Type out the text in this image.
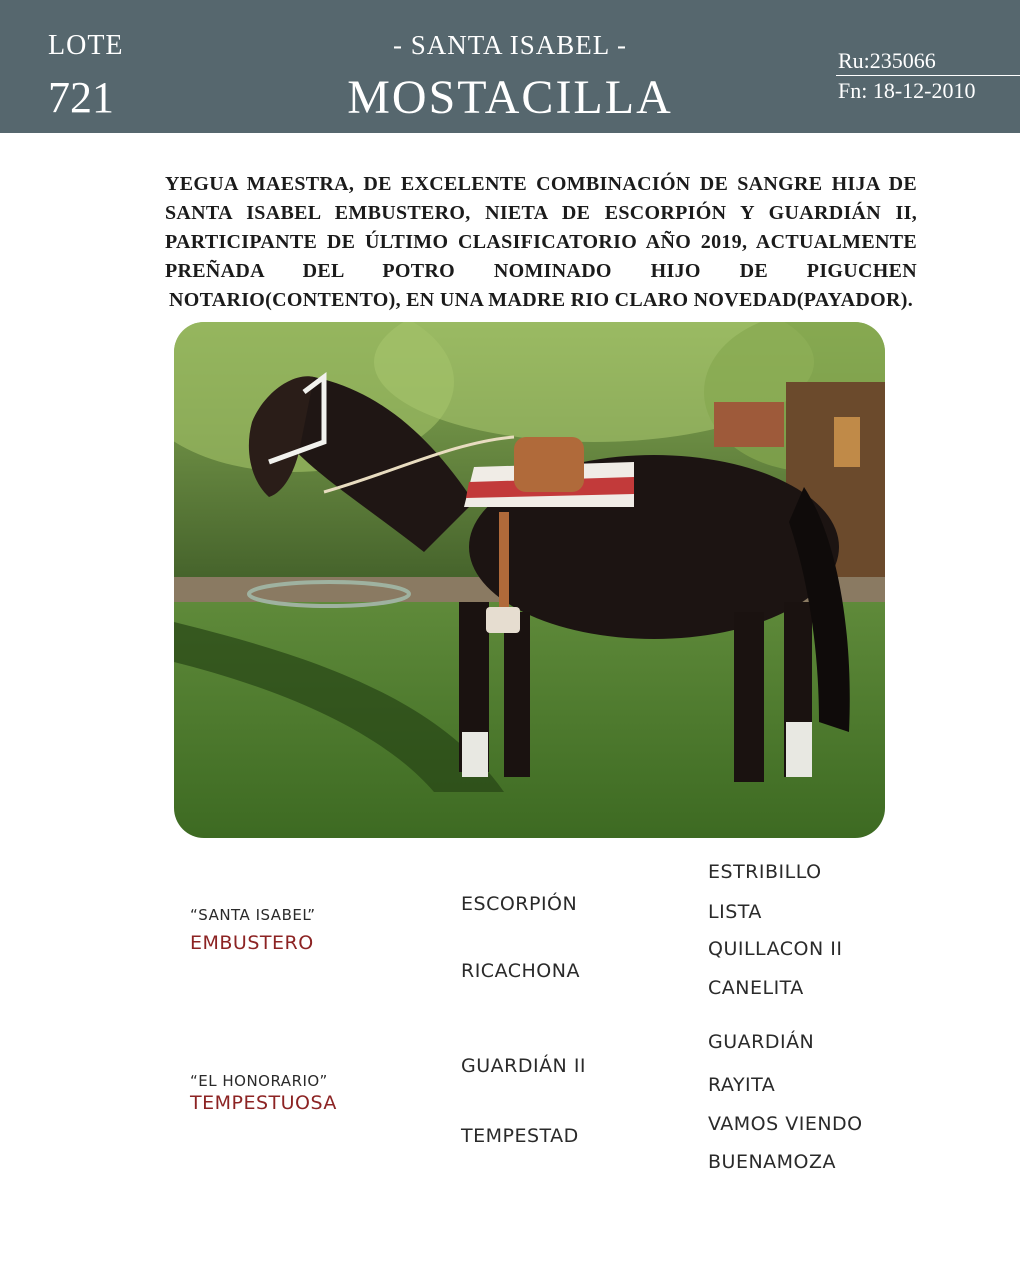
LOTE
721
- SANTA ISABEL -
MOSTACILLA
Ru:235066
Fn: 18-12-2010
YEGUA MAESTRA, DE EXCELENTE COMBINACIÓN DE SANGRE HIJA DE SANTA ISABEL EMBUSTERO, NIETA DE ESCORPIÓN Y GUARDIÁN II, PARTICIPANTE DE ÚLTIMO CLASIFICATORIO AÑO 2019, ACTUALMENTE PREÑADA DEL POTRO NOMINADO HIJO DE PIGUCHEN NOTARIO(CONTENTO), EN UNA MADRE RIO CLARO NOVEDAD(PAYADOR).
“SANTA ISABEL”
EMBUSTERO
“EL HONORARIO”
TEMPESTUOSA
ESCORPIÓN
RICACHONA
GUARDIÁN II
TEMPESTAD
ESTRIBILLO
LISTA
QUILLACON II
CANELITA
GUARDIÁN
RAYITA
VAMOS VIENDO
BUENAMOZA
